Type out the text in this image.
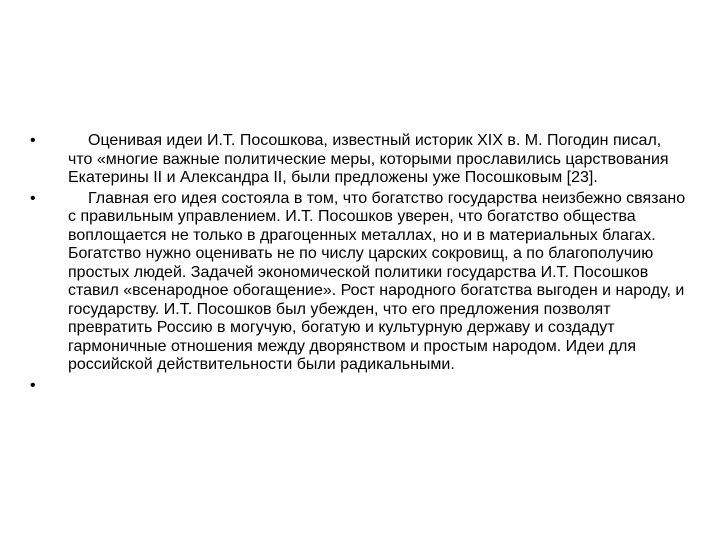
•	Оценивая идеи И.Т. Посошкова, известный историк XIX в. М. Погодин писал, что «многие важные политические меры, которыми прославились царствования Екатерины II и Александра II, были предложены уже Посошковым [23].
•	Главная его идея состояла в том, что богатство государства неизбежно связано с правильным управлением. И.Т. Посошков уверен, что богатство общества воплощается не только в драгоценных металлах, но и в материальных благах. Богатство нужно оценивать не по числу царских сокровищ, а по благополучию простых людей. Задачей экономической политики государства И.Т. Посошков ставил «всенародное обогащение». Рост народного богатства выгоден и народу, и государству. И.Т. Посошков был убежден, что его предложения позволят превратить Россию в могучую, богатую и культурную державу и создадут гармоничные отношения между дворянством и простым народом. Идеи для российской действительности были радикальными.
•
